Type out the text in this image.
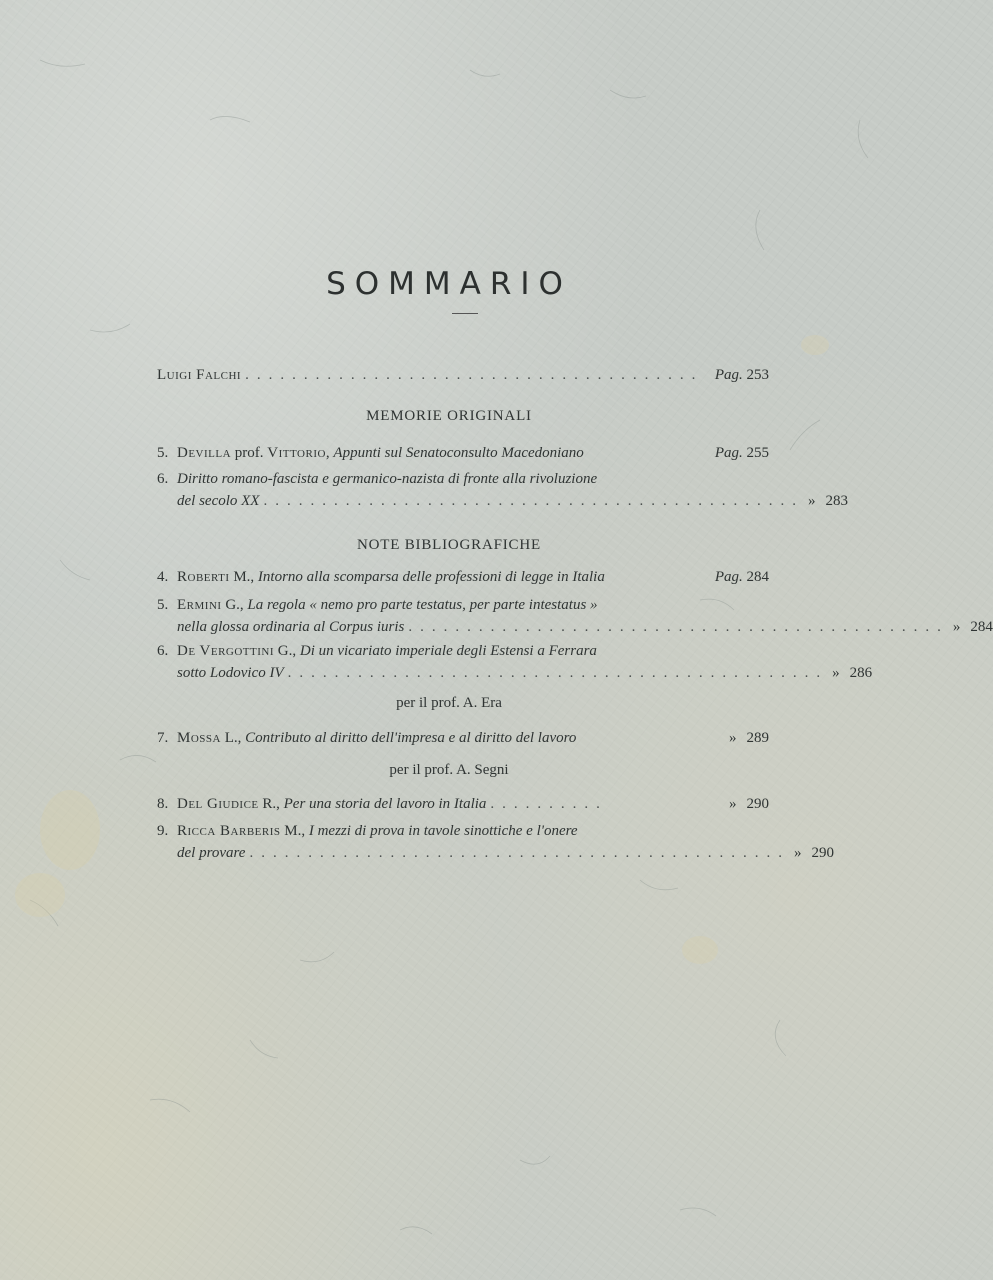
SOMMARIO
Luigi Falchi ....................................... Pag. 253
MEMORIE ORIGINALI
5. Devilla prof. Vittorio, Appunti sul Senatoconsulto Macedoniano	Pag. 255
6. Diritto romano-fascista e germanico-nazista di fronte alla rivoluzione
del secolo XX .............................................. » 283
NOTE BIBLIOGRAFICHE
4. Roberti M., Intorno alla scomparsa delle professioni di legge in Italia	Pag. 284
5. Ermini G., La regola « nemo pro parte testatus, per parte intestatus »
nella glossa ordinaria al Corpus iuris .............................................. » 284
6. De Vergottini G., Di un vicariato imperiale degli Estensi a Ferrara
sotto Lodovico IV .............................................. » 286
per il prof. A. Era
7. Mossa L., Contributo al diritto dell'impresa e al diritto del lavoro	» 289
per il prof. A. Segni
8. Del Giudice R., Per una storia del lavoro in Italia ..........	» 290
9. Ricca Barberis M., I mezzi di prova in tavole sinottiche e l'onere
del provare .............................................. » 290
